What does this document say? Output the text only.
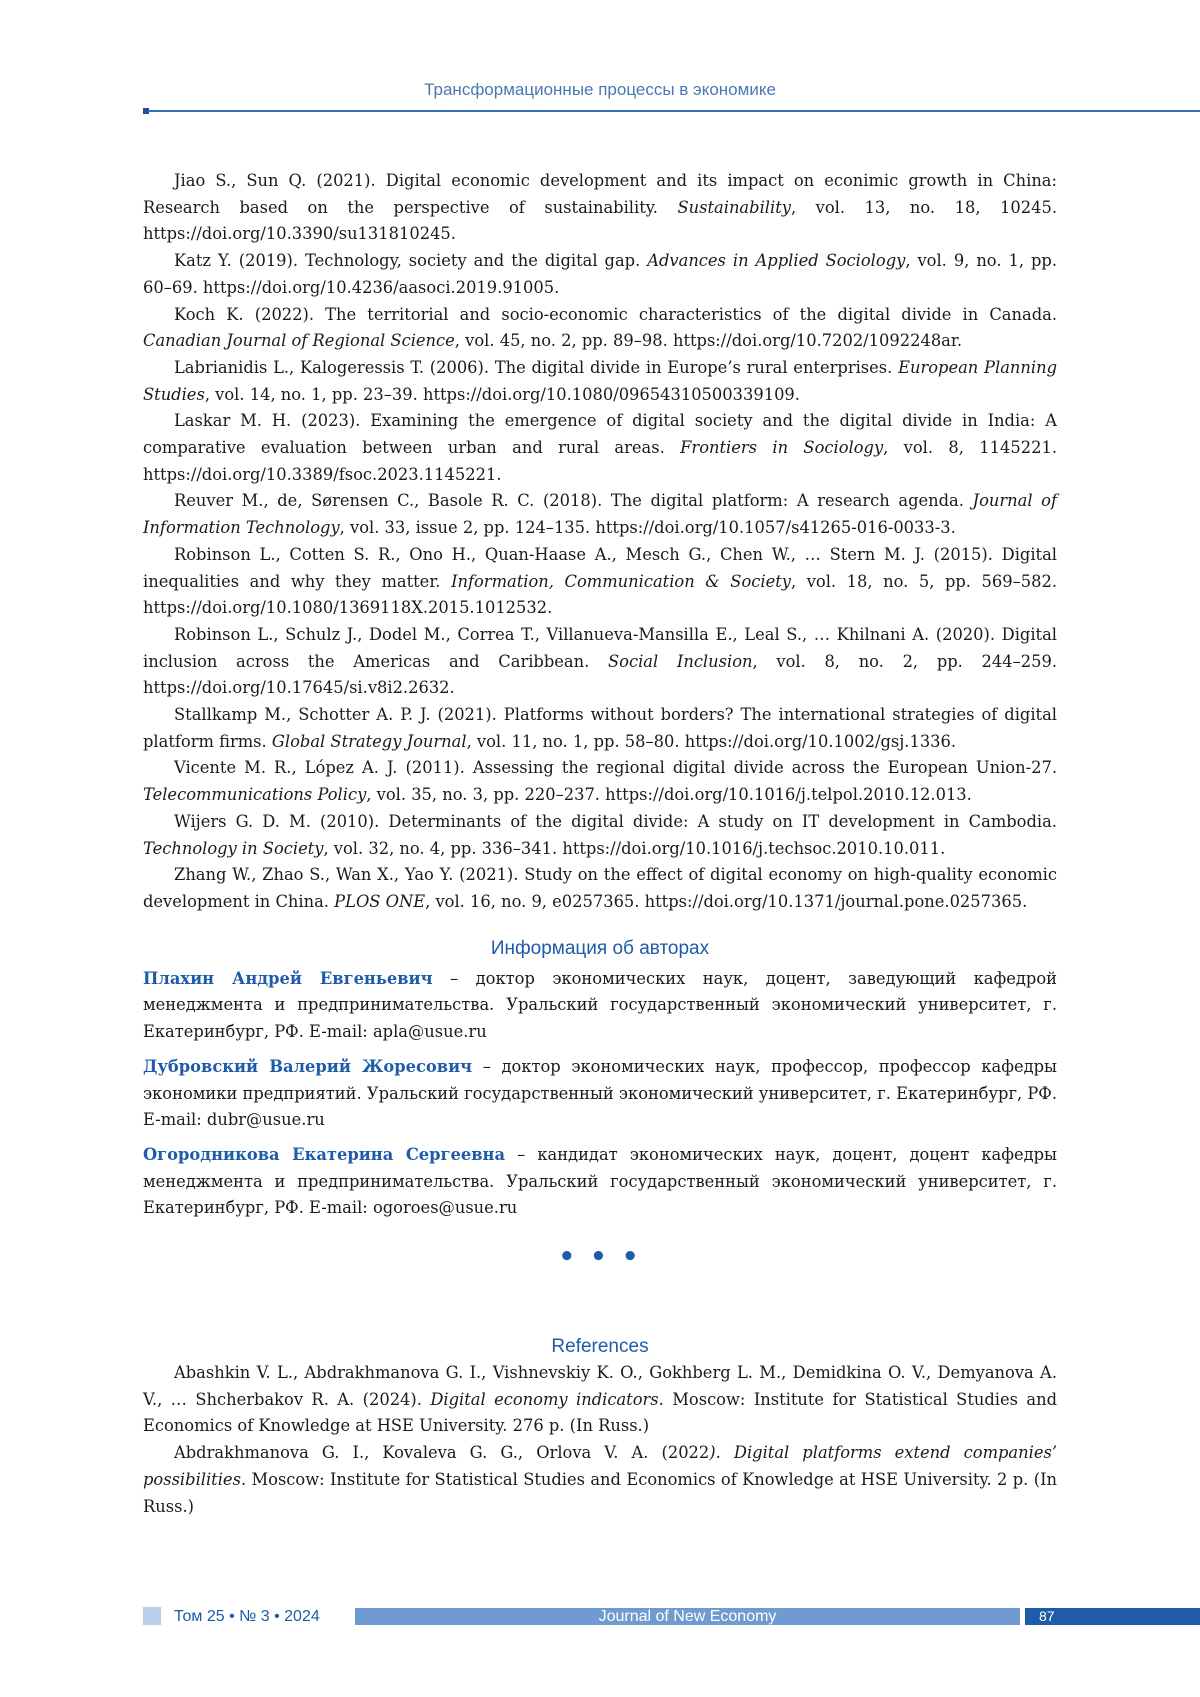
Трансформационные процессы в экономике

Jiao S., Sun Q. (2021). Digital economic development and its impact on econimic growth in China: Research based on the perspective of sustainability. Sustainability, vol. 13, no. 18, 10245. https://doi.org/10.3390/su131810245.

Katz Y. (2019). Technology, society and the digital gap. Advances in Applied Sociology, vol. 9, no. 1, pp. 60–69. https://doi.org/10.4236/aasoci.2019.91005.

Koch K. (2022). The territorial and socio-economic characteristics of the digital divide in Canada. Canadian Journal of Regional Science, vol. 45, no. 2, pp. 89–98. https://doi.org/10.7202/1092248ar.

Labrianidis L., Kalogeressis T. (2006). The digital divide in Europe’s rural enterprises. European Planning Studies, vol. 14, no. 1, pp. 23–39. https://doi.org/10.1080/09654310500339109.

Laskar M. H. (2023). Examining the emergence of digital society and the digital divide in India: A comparative evaluation between urban and rural areas. Frontiers in Sociology, vol. 8, 1145221. https://doi.org/10.3389/fsoc.2023.1145221.

Reuver M., de, Sørensen C., Basole R. C. (2018). The digital platform: A research agenda. Journal of Information Technology, vol. 33, issue 2, pp. 124–135. https://doi.org/10.1057/s41265-016-0033-3.

Robinson L., Cotten S. R., Ono H., Quan-Haase A., Mesch G., Chen W., … Stern M. J. (2015). Digital inequalities and why they matter. Information, Communication & Society, vol. 18, no. 5, pp. 569–582. https://doi.org/10.1080/1369118X.2015.1012532.

Robinson L., Schulz J., Dodel M., Correa T., Villanueva-Mansilla E., Leal S., … Khilnani A. (2020). Digital inclusion across the Americas and Caribbean. Social Inclusion, vol. 8, no. 2, pp. 244–259. https://doi.org/10.17645/si.v8i2.2632.

Stallkamp M., Schotter A. P. J. (2021). Platforms without borders? The international strategies of digital platform firms. Global Strategy Journal, vol. 11, no. 1, pp. 58–80. https://doi.org/10.1002/gsj.1336.

Vicente M. R., López A. J. (2011). Assessing the regional digital divide across the European Union-27. Telecommunications Policy, vol. 35, no. 3, pp. 220–237. https://doi.org/10.1016/j.telpol.2010.12.013.

Wijers G. D. M. (2010). Determinants of the digital divide: A study on IT development in Cambodia. Technology in Society, vol. 32, no. 4, pp. 336–341. https://doi.org/10.1016/j.techsoc.2010.10.011.

Zhang W., Zhao S., Wan X., Yao Y. (2021). Study on the effect of digital economy on high-quality economic development in China. PLOS ONE, vol. 16, no. 9, e0257365. https://doi.org/10.1371/journal.pone.0257365.

Информация об авторах

Плахин Андрей Евгеньевич – доктор экономических наук, доцент, заведующий кафедрой менеджмента и предпринимательства. Уральский государственный экономический университет, г. Екатеринбург, РФ. E-mail: apla@usue.ru

Дубровский Валерий Жоресович – доктор экономических наук, профессор, профессор кафедры экономики предприятий. Уральский государственный экономический университет, г. Екатеринбург, РФ. E-mail: dubr@usue.ru

Огородникова Екатерина Сергеевна – кандидат экономических наук, доцент, доцент кафедры менеджмента и предпринимательства. Уральский государственный экономический университет, г. Екатеринбург, РФ. E-mail: ogoroes@usue.ru

• • •
References

Abashkin V. L., Abdrakhmanova G. I., Vishnevskiy K. O., Gokhberg L. M., Demidkina O. V., Demyanova A. V., … Shcherbakov R. A. (2024). Digital economy indicators. Moscow: Institute for Statistical Studies and Economics of Knowledge at HSE University. 276 p. (In Russ.)

Abdrakhmanova G. I., Kovaleva G. G., Orlova V. A. (2022). Digital platforms extend companies’ possibilities. Moscow: Institute for Statistical Studies and Economics of Knowledge at HSE University. 2 p. (In Russ.)

Том 25 • № 3 • 2024	Journal of New Economy	87
